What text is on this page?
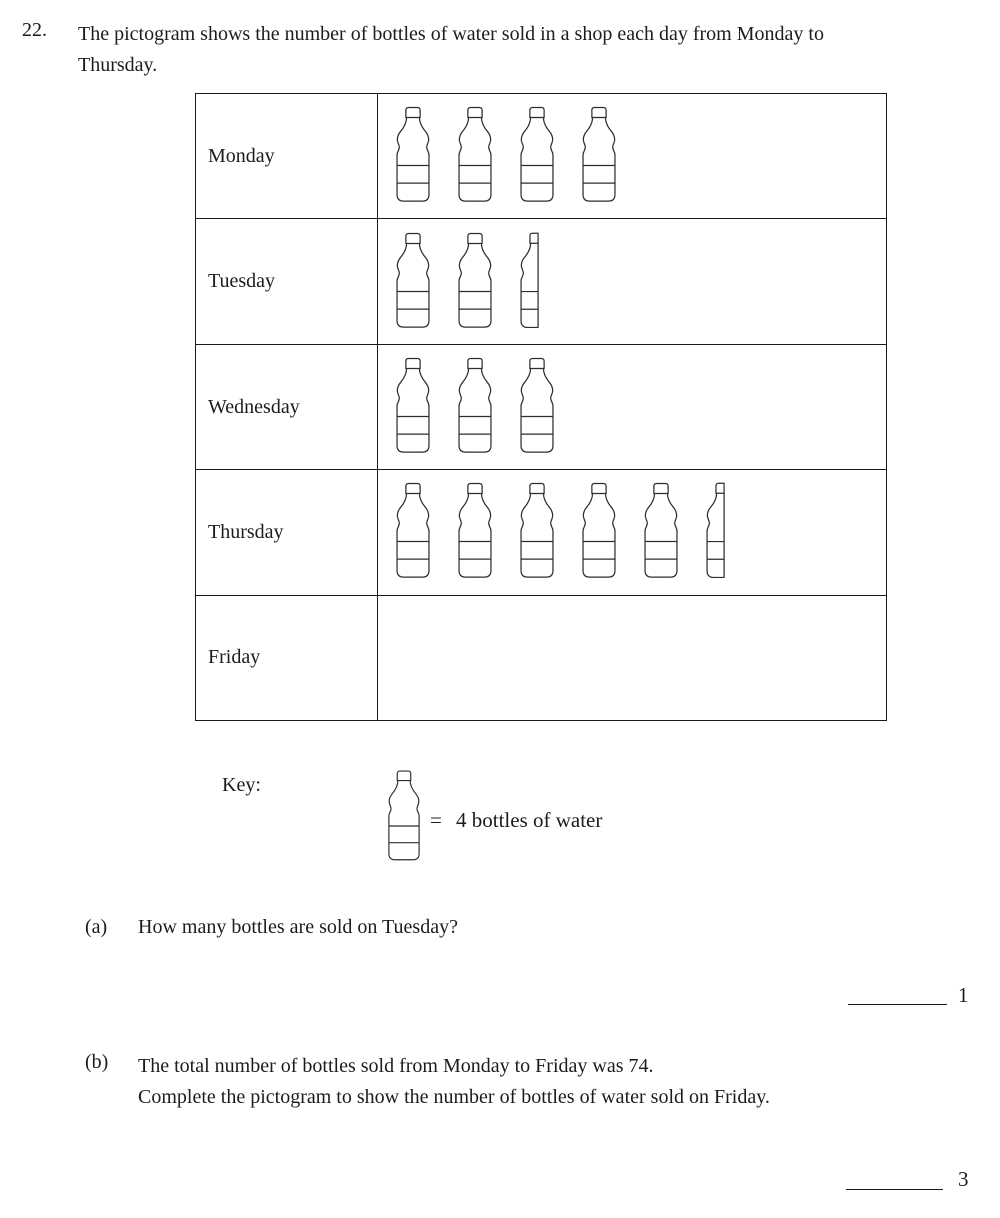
22. The pictogram shows the number of bottles of water sold in a shop each day from Monday to
Thursday.
Monday
Tuesday
Wednesday
Thursday
Friday
Key:
= 4 bottles of water
(a) How many bottles are sold on Tuesday?
1
(b) The total number of bottles sold from Monday to Friday was 74.
Complete the pictogram to show the number of bottles of water sold on Friday.
3
